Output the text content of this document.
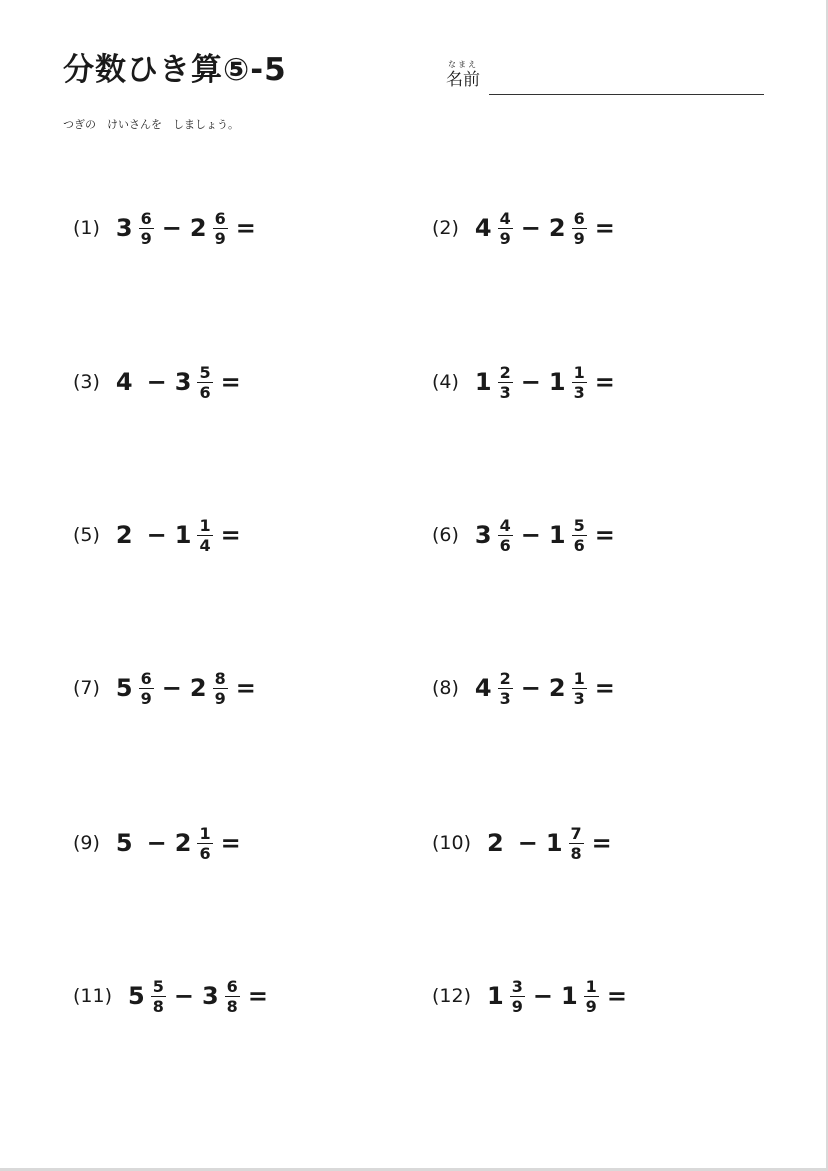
分数ひき算⑤-5	なまえ
名前
つぎの　けいさんを　しましょう。
(1) $3 \frac{6}{9} - 2 \frac{6}{9}$ =	(2) $4 \frac{4}{9} - 2 \frac{6}{9}$ =
(3) $4 - 3 \frac{5}{6}$ =	(4) $1 \frac{2}{3} - 1 \frac{1}{3}$ =
(5) $2 - 1 \frac{1}{4}$ =	(6) $3 \frac{4}{6} - 1 \frac{5}{6}$ =
(7) $5 \frac{6}{9} - 2 \frac{8}{9}$ =	(8) $4 \frac{2}{3} - 2 \frac{1}{3}$ =
(9) $5 - 2 \frac{1}{6}$ =	(10) $2 - 1 \frac{7}{8}$ =
(11) $5 \frac{5}{8} - 3 \frac{6}{8}$ =	(12) $1 \frac{3}{9} - 1 \frac{1}{9}$ =
